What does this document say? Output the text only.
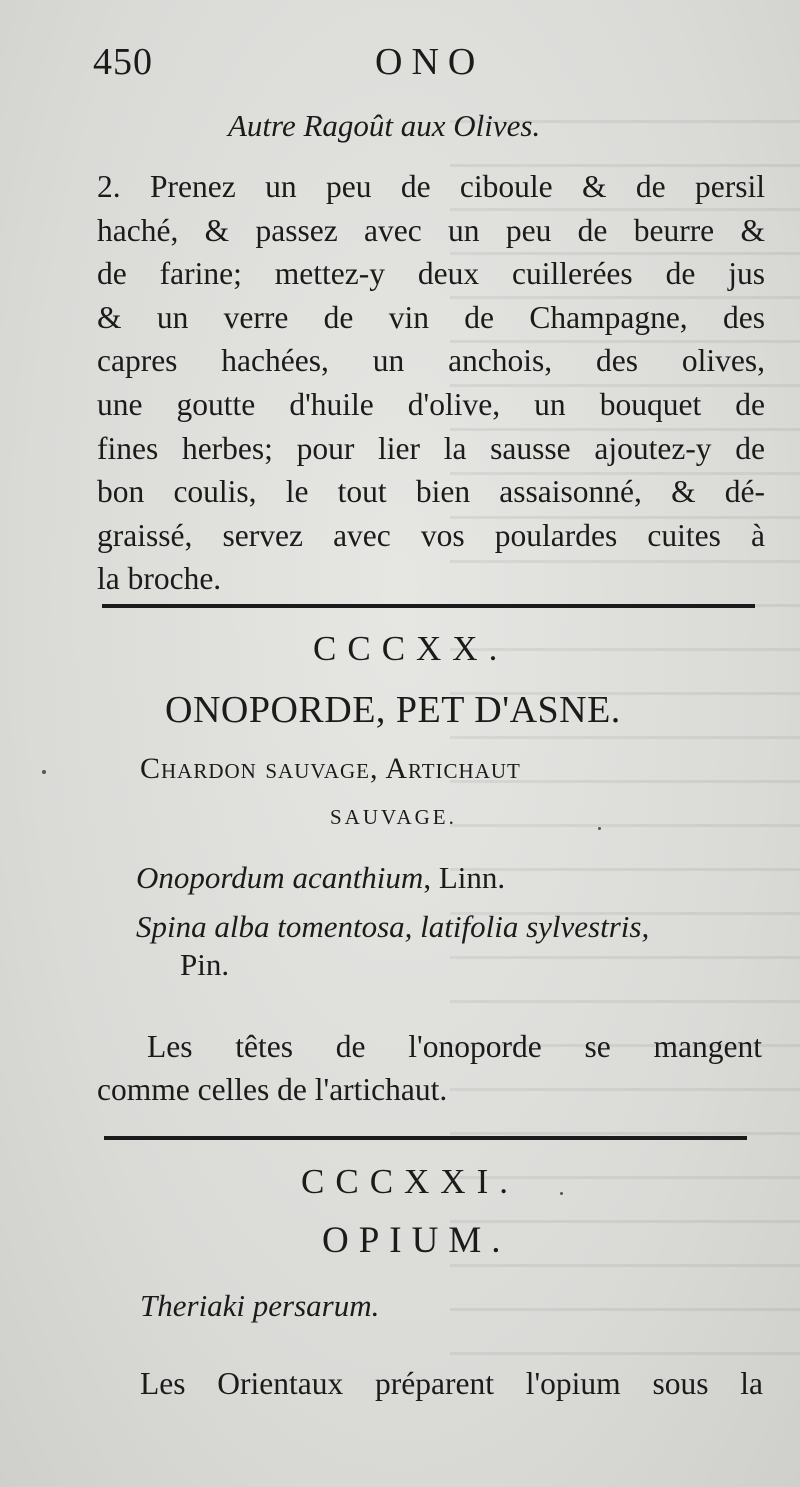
450	ONO
Autre Ragoût aux Olives.
2. Prenez un peu de ciboule & de persil
haché, & passez avec un peu de beurre &
de farine; mettez-y deux cuillerées de jus
& un verre de vin de Champagne, des
capres hachées, un anchois, des olives,
une goutte d'huile d'olive, un bouquet de
fines herbes; pour lier la sausse ajoutez-y de
bon coulis, le tout bien assaisonné, & dé-
graissé, servez avec vos poulardes cuites à
la broche.
CCCXX.
ONOPORDE, PET D'ASNE.
Chardon sauvage, Artichaut
SAUVAGE.
Onopordum acanthium, Linn.
Spina alba tomentosa, latifolia sylvestris,
Pin.
Les têtes de l'onoporde se mangent
comme celles de l'artichaut.
CCCXXI.
OPIUM.
Theriaki persarum.
Les Orientaux préparent l'opium sous la
